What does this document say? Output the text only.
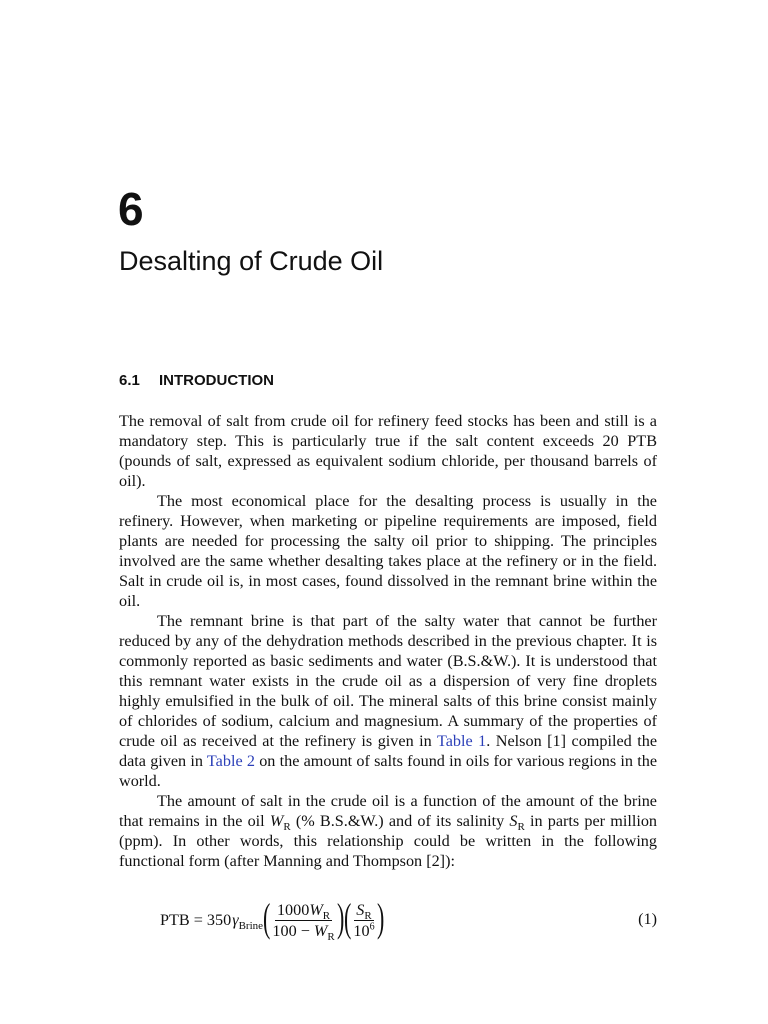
6
Desalting of Crude Oil
6.1 INTRODUCTION

The removal of salt from crude oil for refinery feed stocks has been and still is a mandatory step. This is particularly true if the salt content exceeds 20 PTB (pounds of salt, expressed as equivalent sodium chloride, per thousand barrels of oil).

The most economical place for the desalting process is usually in the refinery. However, when marketing or pipeline requirements are imposed, field plants are needed for processing the salty oil prior to shipping. The principles involved are the same whether desalting takes place at the refinery or in the field. Salt in crude oil is, in most cases, found dissolved in the remnant brine within the oil.

The remnant brine is that part of the salty water that cannot be further reduced by any of the dehydration methods described in the previous chapter. It is commonly reported as basic sediments and water (B.S.&W.). It is understood that this remnant water exists in the crude oil as a dispersion of very fine droplets highly emulsified in the bulk of oil. The mineral salts of this brine consist mainly of chlorides of sodium, calcium and magnesium. A summary of the properties of crude oil as received at the refinery is given in Table 1. Nelson [1] compiled the data given in Table 2 on the amount of salts found in oils for various regions in the world.

The amount of salt in the crude oil is a function of the amount of the brine that remains in the oil $W_R$ (% B.S.&W.) and of its salinity $S_R$ in parts per million (ppm). In other words, this relationship could be written in the following functional form (after Manning and Thompson [2]):

PTB = 350 $\gamma_{Brine}$ ( $\frac{1000W_R}{100 - W_R}$ ) ( $\frac{S_R}{10^6}$ )	(1)
